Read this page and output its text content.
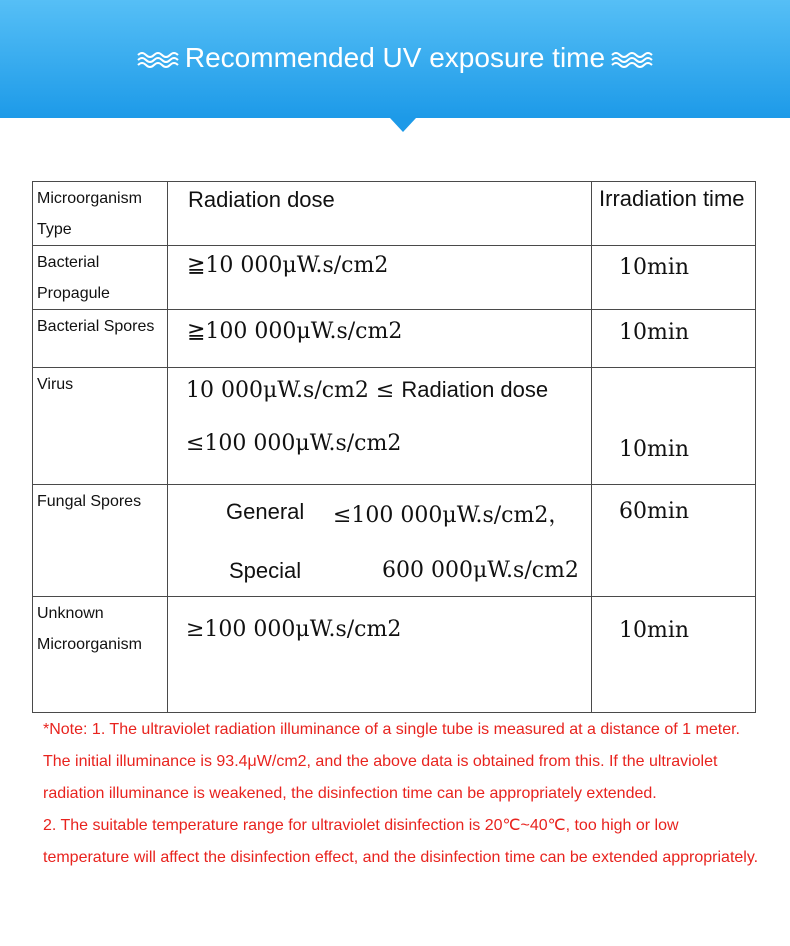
Recommended UV exposure time
Microorganism Type	Radiation dose	Irradiation time

Bacterial Propagule	≧10 000μW.s/cm2	10min

Bacterial Spores	≧100 000μW.s/cm2	10min

Virus	10 000μW.s/cm2 ≤ Radiation dose
≤100 000μW.s/cm2	10min

Fungal Spores	General ≤100 000μW.s/cm2，
Special 600 000μW.s/cm2	60min

Unknown Microorganism	≥100 000μW.s/cm2	10min

*Note: 1. The ultraviolet radiation illuminance of a single tube is measured at a distance of 1 meter. The initial illuminance is 93.4μW/cm2, and the above data is obtained from this. If the ultraviolet radiation illuminance is weakened, the disinfection time can be appropriately extended.

2. The suitable temperature range for ultraviolet disinfection is 20℃~40℃, too high or low temperature will affect the disinfection effect, and the disinfection time can be extended appropriately.
